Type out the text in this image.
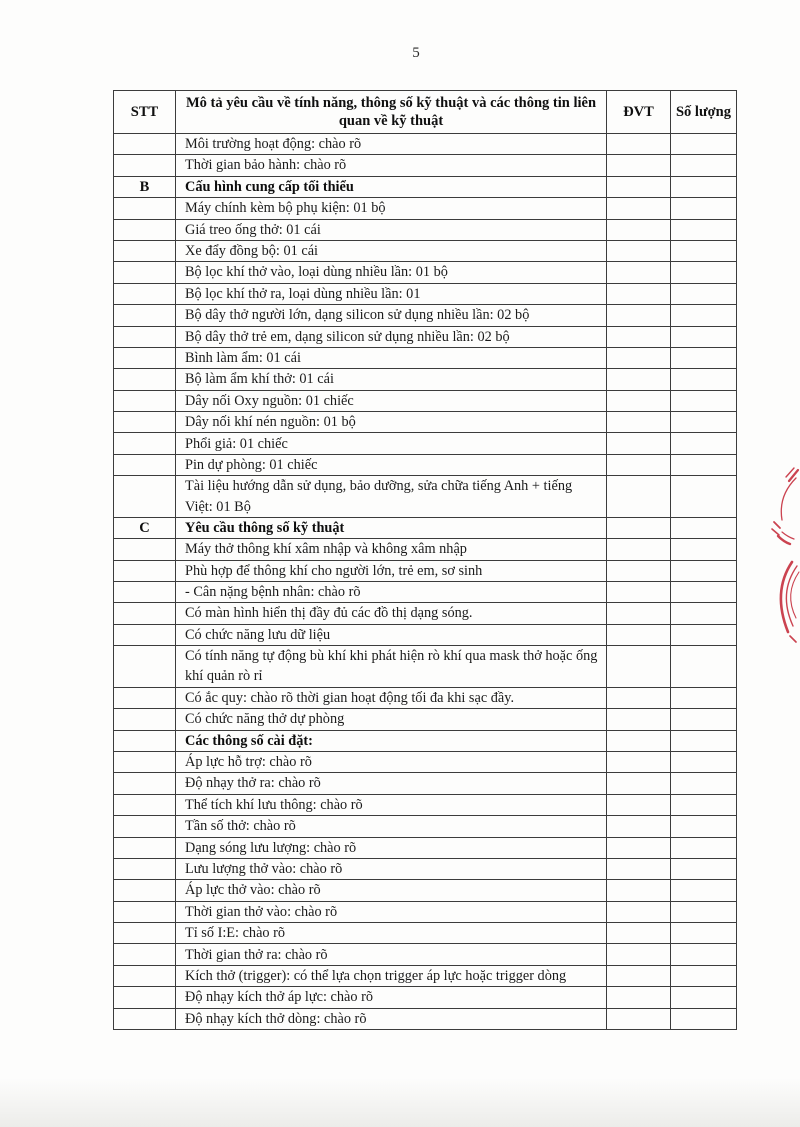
5
STT	Mô tả yêu cầu về tính năng, thông số kỹ thuật và các thông tin liên quan về kỹ thuật	ĐVT	Số lượng
	Môi trường hoạt động: chào rõ		
	Thời gian bảo hành: chào rõ		
B	Cấu hình cung cấp tối thiểu		
	Máy chính kèm bộ phụ kiện: 01 bộ		
	Giá treo ống thở: 01 cái		
	Xe đẩy đồng bộ: 01 cái		
	Bộ lọc khí thở vào, loại dùng nhiều lần: 01 bộ		
	Bộ lọc khí thở ra, loại dùng nhiều lần: 01		
	Bộ dây thở người lớn, dạng silicon sử dụng nhiều lần: 02 bộ		
	Bộ dây thở trẻ em, dạng silicon sử dụng nhiều lần: 02 bộ		
	Bình làm ẩm: 01 cái		
	Bộ làm ẩm khí thở: 01 cái		
	Dây nối Oxy nguồn: 01 chiếc		
	Dây nối khí nén nguồn: 01 bộ		
	Phổi giả: 01 chiếc		
	Pin dự phòng: 01 chiếc		
	Tài liệu hướng dẫn sử dụng, bảo dưỡng, sửa chữa tiếng Anh + tiếng Việt: 01 Bộ		
C	Yêu cầu thông số kỹ thuật		
	Máy thở thông khí xâm nhập và không xâm nhập		
	Phù hợp để thông khí cho người lớn, trẻ em, sơ sinh		
	- Cân nặng bệnh nhân: chào rõ		
	Có màn hình hiển thị đầy đủ các đồ thị dạng sóng.		
	Có chức năng lưu dữ liệu		
	Có tính năng tự động bù khí khi phát hiện rò khí qua mask thở hoặc ống khí quản rò rỉ		
	Có ắc quy: chào rõ thời gian hoạt động tối đa khi sạc đầy.		
	Có chức năng thở dự phòng		
	Các thông số cài đặt:		
	Áp lực hỗ trợ: chào rõ		
	Độ nhạy thở ra: chào rõ		
	Thể tích khí lưu thông: chào rõ		
	Tần số thở: chào rõ		
	Dạng sóng lưu lượng: chào rõ		
	Lưu lượng thở vào: chào rõ		
	Áp lực thở vào: chào rõ		
	Thời gian thở vào: chào rõ		
	Tỉ số I:E: chào rõ		
	Thời gian thở ra: chào rõ		
	Kích thở (trigger): có thể lựa chọn trigger áp lực hoặc trigger dòng		
	Độ nhạy kích thở áp lực: chào rõ		
	Độ nhạy kích thở dòng: chào rõ		
